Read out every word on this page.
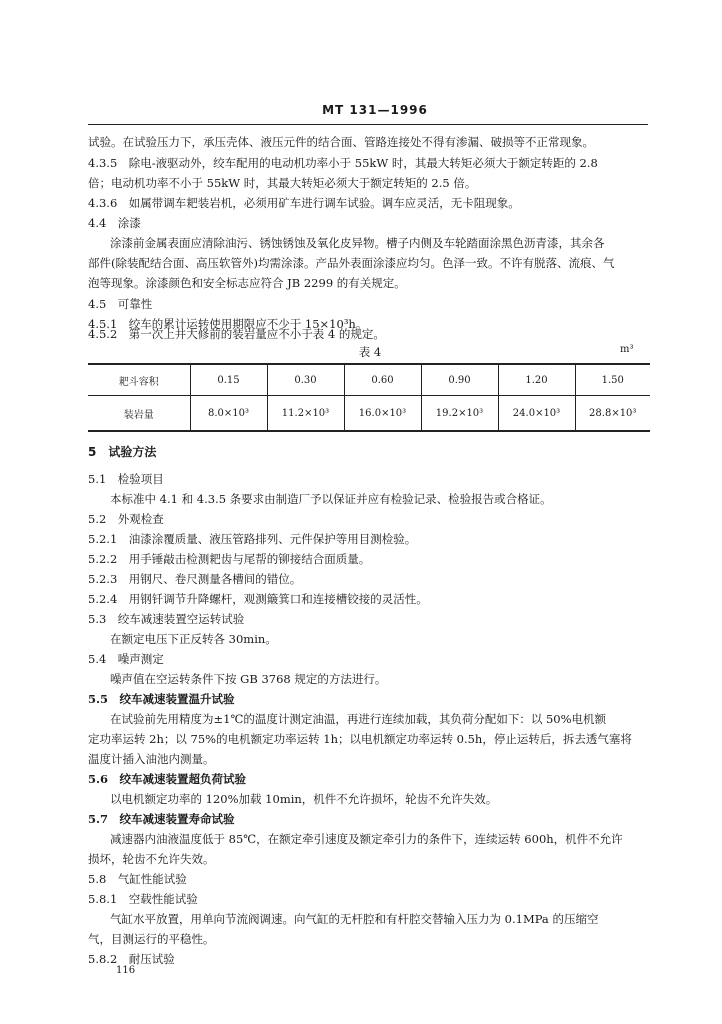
MT 131—1996
试验。在试验压力下，承压壳体、液压元件的结合面、管路连接处不得有渗漏、破损等不正常现象。
4.3.5　除电-液驱动外，绞车配用的电动机功率小于 55kW 时，其最大转矩必须大于额定转距的 2.8
倍；电动机功率不小于 55kW 时，其最大转矩必须大于额定转矩的 2.5 倍。
4.3.6　如属带调车耙装岩机，必须用矿车进行调车试验。调车应灵活，无卡阻现象。
4.4　涂漆
涂漆前金属表面应清除油污、锈蚀锈蚀及氧化皮异物。槽子内侧及车轮踏面涂黑色沥青漆，其余各
部件(除装配结合面、高压软管外)均需涂漆。产品外表面涂漆应均匀。色泽一致。不许有脱落、流痕、气
泡等现象。涂漆颜色和安全标志应符合 JB 2299 的有关规定。
4.5　可靠性
4.5.1　绞车的累计运转使用期限应不少于 15×10³h。
4.5.2　第一次上井大修前的装岩量应不小于表 4 的规定。
表 4	m³
耙斗容积	0.15	0.30	0.60	0.90	1.20	1.50
装岩量	8.0×10³	11.2×10³	16.0×10³	19.2×10³	24.0×10³	28.8×10³
5　试验方法
5.1　检验项目
本标准中 4.1 和 4.3.5 条要求由制造厂予以保证并应有检验记录、检验报告或合格证。
5.2　外观检查
5.2.1　油漆涂覆质量、液压管路排列、元件保护等用目测检验。
5.2.2　用手锤敲击检测耙齿与尾帮的铆接结合面质量。
5.2.3　用钢尺、卷尺测量各槽间的错位。
5.2.4　用钢钎调节升降螺杆，观测簸箕口和连接槽铰接的灵活性。
5.3　绞车减速装置空运转试验
在额定电压下正反转各 30min。
5.4　噪声测定
噪声值在空运转条件下按 GB 3768 规定的方法进行。
5.5　绞车减速装置温升试验
在试验前先用精度为±1℃的温度计测定油温，再进行连续加载，其负荷分配如下：以 50%电机额
定功率运转 2h；以 75%的电机额定功率运转 1h；以电机额定功率运转 0.5h，停止运转后，拆去透气塞将
温度计插入油池内测量。
5.6　绞车减速装置超负荷试验
以电机额定功率的 120%加载 10min，机件不允许损坏，轮齿不允许失效。
5.7　绞车减速装置寿命试验
减速器内油液温度低于 85℃，在额定牵引速度及额定牵引力的条件下，连续运转 600h，机件不允许
损坏，轮齿不允许失效。
5.8　气缸性能试验
5.8.1　空载性能试验
气缸水平放置，用单向节流阀调速。向气缸的无杆腔和有杆腔交替输入压力为 0.1MPa 的压缩空
气，目测运行的平稳性。
5.8.2　耐压试验
116
